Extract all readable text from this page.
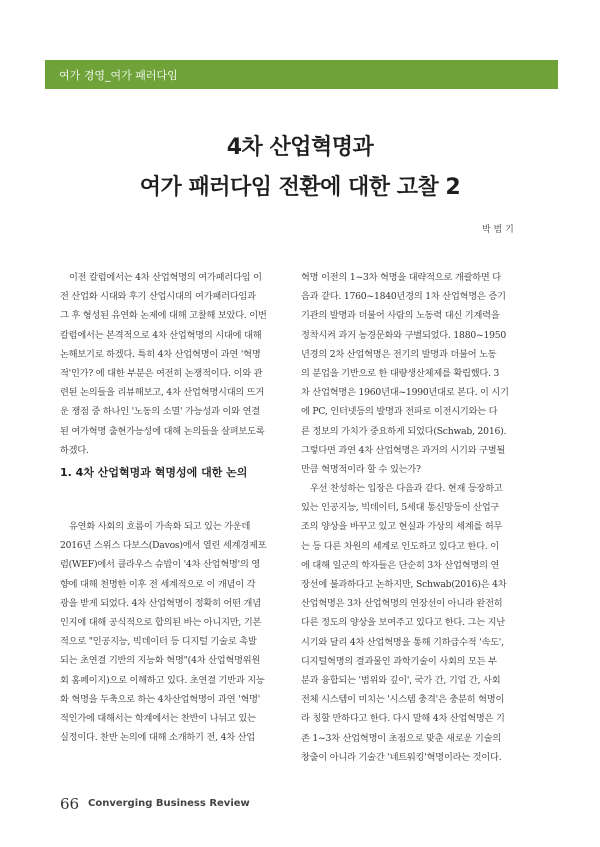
여가 경영_여가 패러다임
4차 산업혁명과
여가 패러다임 전환에 대한 고찰 2
박 범 기

이전 칼럼에서는 4차 산업혁명의 여가패러다임 이
전 산업화 시대와 후기 산업시대의 여가패러다임과
그 후 형성된 유연화 논제에 대해 고찰해 보았다. 이번
칼럼에서는 본격적으로 4차 산업혁명의 시대에 대해
논해보기로 하겠다. 특히 4차 산업혁명이 과연 '혁명
적'인가? 에 대한 부분은 여전히 논쟁적이다. 이와 관
련된 논의들을 리뷰해보고, 4차 산업혁명시대의 뜨거
운 쟁점 중 하나인 '노동의 소멸' 가능성과 이와 연결
된 여가혁명 출현가능성에 대해 논의들을 살펴보도록
하겠다.

1. 4차 산업혁명과 혁명성에 대한 논의

유연화 사회의 흐름이 가속화 되고 있는 가운데
2016년 스위스 다보스(Davos)에서 열린 세계경제포
럼(WEF)에서 클라우스 슈밥이 '4차 산업혁명'의 영
향에 대해 천명한 이후 전 세계적으로 이 개념이 각
광을 받게 되었다. 4차 산업혁명이 정확히 어떤 개념
인지에 대해 공식적으로 합의된 바는 아니지만, 기본
적으로 "인공지능, 빅데이터 등 디지털 기술로 촉발
되는 초연결 기반의 지능화 혁명"(4차 산업혁명위원
회 홈페이지)으로 이해하고 있다. 초연결 기반과 지능
화 혁명을 두축으로 하는 4차산업혁명이 과연 '혁명'
적인가에 대해서는 학계에서는 찬반이 나뉘고 있는
실정이다. 찬반 논의에 대해 소개하기 전, 4차 산업

혁명 이전의 1~3차 혁명을 대략적으로 개괄하면 다
음과 같다. 1760~1840년경의 1차 산업혁명은 증기
기관의 발명과 더불어 사람의 노동력 대신 기계력을
정착시켜 과거 농경문화와 구별되었다. 1880~1950
년경의 2차 산업혁명은 전기의 발명과 더불어 노동
의 분업을 기반으로 한 대량생산체제를 확립했다. 3
차 산업혁명은 1960년대~1990년대로 본다. 이 시기
에 PC, 인터넷등의 발명과 전파로 이전시기와는 다
른 정보의 가치가 중요하게 되었다(Schwab, 2016).
그렇다면 과연 4차 산업혁명은 과거의 시기와 구별될
만큼 혁명적이라 할 수 있는가?

우선 찬성하는 입장은 다음과 같다. 현재 등장하고
있는 인공지능, 빅데이터, 5세대 통신망등이 산업구
조의 양상을 바꾸고 있고 현실과 가상의 세계를 허무
는 등 다른 차원의 세계로 인도하고 있다고 한다. 이
에 대해 일군의 학자들은 단순히 3차 산업혁명의 연
장선에 불과하다고 논하지만, Schwab(2016)은 4차
산업혁명은 3차 산업혁명의 연장선이 아니라 완전히
다른 정도의 양상을 보여주고 있다고 한다. 그는 지난
시기와 달리 4차 산업혁명을 통해 기하급수적 '속도',
디지털혁명의 결과물인 과학기술이 사회의 모든 부
분과 융합되는 '범위와 깊이', 국가 간, 기업 간, 사회
전체 시스템이 미치는 '시스템 충격'은 충분히 혁명이
라 칭할 만하다고 한다. 다시 말해 4차 산업혁명은 기
존 1~3차 산업혁명이 초점으로 맞춘 새로운 기술의
창출이 아니라 기술간 '네트워킹'혁명이라는 것이다.

66 Converging Business Review
